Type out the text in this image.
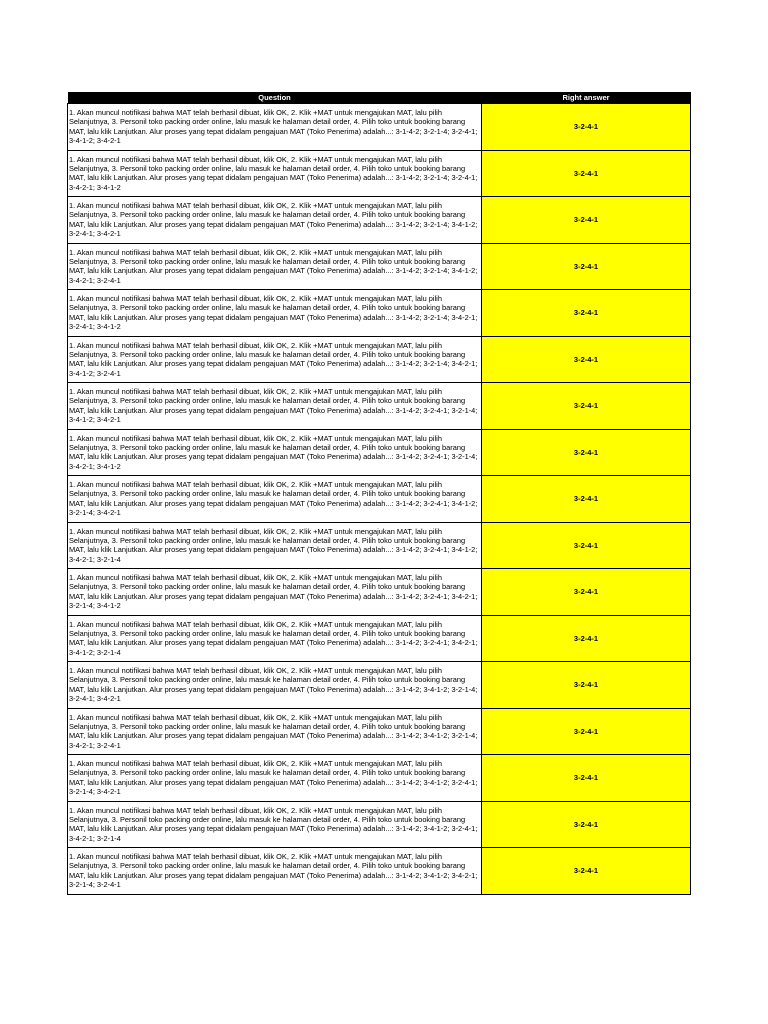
Question	Right answer
1. Akan muncul notifikasi bahwa MAT telah berhasil dibuat, klik OK, 2. Klik +MAT untuk mengajukan MAT, lalu pilih Selanjutnya, 3. Personil toko packing order online, lalu masuk ke halaman detail order, 4. Pilih toko untuk booking barang MAT, lalu klik Lanjutkan. Alur proses yang tepat didalam pengajuan MAT (Toko Penerima) adalah...: 3-1-4-2; 3-2-1-4; 3-2-4-1; 3-4-1-2; 3-4-2-1	3-2-4-1
1. Akan muncul notifikasi bahwa MAT telah berhasil dibuat, klik OK, 2. Klik +MAT untuk mengajukan MAT, lalu pilih Selanjutnya, 3. Personil toko packing order online, lalu masuk ke halaman detail order, 4. Pilih toko untuk booking barang MAT, lalu klik Lanjutkan. Alur proses yang tepat didalam pengajuan MAT (Toko Penerima) adalah...: 3-1-4-2; 3-2-1-4; 3-2-4-1; 3-4-2-1; 3-4-1-2	3-2-4-1
1. Akan muncul notifikasi bahwa MAT telah berhasil dibuat, klik OK, 2. Klik +MAT untuk mengajukan MAT, lalu pilih Selanjutnya, 3. Personil toko packing order online, lalu masuk ke halaman detail order, 4. Pilih toko untuk booking barang MAT, lalu klik Lanjutkan. Alur proses yang tepat didalam pengajuan MAT (Toko Penerima) adalah...: 3-1-4-2; 3-2-1-4; 3-4-1-2; 3-2-4-1; 3-4-2-1	3-2-4-1
1. Akan muncul notifikasi bahwa MAT telah berhasil dibuat, klik OK, 2. Klik +MAT untuk mengajukan MAT, lalu pilih Selanjutnya, 3. Personil toko packing order online, lalu masuk ke halaman detail order, 4. Pilih toko untuk booking barang MAT, lalu klik Lanjutkan. Alur proses yang tepat didalam pengajuan MAT (Toko Penerima) adalah...: 3-1-4-2; 3-2-1-4; 3-4-1-2; 3-4-2-1; 3-2-4-1	3-2-4-1
1. Akan muncul notifikasi bahwa MAT telah berhasil dibuat, klik OK, 2. Klik +MAT untuk mengajukan MAT, lalu pilih Selanjutnya, 3. Personil toko packing order online, lalu masuk ke halaman detail order, 4. Pilih toko untuk booking barang MAT, lalu klik Lanjutkan. Alur proses yang tepat didalam pengajuan MAT (Toko Penerima) adalah...: 3-1-4-2; 3-2-1-4; 3-4-2-1; 3-2-4-1; 3-4-1-2	3-2-4-1
1. Akan muncul notifikasi bahwa MAT telah berhasil dibuat, klik OK, 2. Klik +MAT untuk mengajukan MAT, lalu pilih Selanjutnya, 3. Personil toko packing order online, lalu masuk ke halaman detail order, 4. Pilih toko untuk booking barang MAT, lalu klik Lanjutkan. Alur proses yang tepat didalam pengajuan MAT (Toko Penerima) adalah...: 3-1-4-2; 3-2-1-4; 3-4-2-1; 3-4-1-2; 3-2-4-1	3-2-4-1
1. Akan muncul notifikasi bahwa MAT telah berhasil dibuat, klik OK, 2. Klik +MAT untuk mengajukan MAT, lalu pilih Selanjutnya, 3. Personil toko packing order online, lalu masuk ke halaman detail order, 4. Pilih toko untuk booking barang MAT, lalu klik Lanjutkan. Alur proses yang tepat didalam pengajuan MAT (Toko Penerima) adalah...: 3-1-4-2; 3-2-4-1; 3-2-1-4; 3-4-1-2; 3-4-2-1	3-2-4-1
1. Akan muncul notifikasi bahwa MAT telah berhasil dibuat, klik OK, 2. Klik +MAT untuk mengajukan MAT, lalu pilih Selanjutnya, 3. Personil toko packing order online, lalu masuk ke halaman detail order, 4. Pilih toko untuk booking barang MAT, lalu klik Lanjutkan. Alur proses yang tepat didalam pengajuan MAT (Toko Penerima) adalah...: 3-1-4-2; 3-2-4-1; 3-2-1-4; 3-4-2-1; 3-4-1-2	3-2-4-1
1. Akan muncul notifikasi bahwa MAT telah berhasil dibuat, klik OK, 2. Klik +MAT untuk mengajukan MAT, lalu pilih Selanjutnya, 3. Personil toko packing order online, lalu masuk ke halaman detail order, 4. Pilih toko untuk booking barang MAT, lalu klik Lanjutkan. Alur proses yang tepat didalam pengajuan MAT (Toko Penerima) adalah...: 3-1-4-2; 3-2-4-1; 3-4-1-2; 3-2-1-4; 3-4-2-1	3-2-4-1
1. Akan muncul notifikasi bahwa MAT telah berhasil dibuat, klik OK, 2. Klik +MAT untuk mengajukan MAT, lalu pilih Selanjutnya, 3. Personil toko packing order online, lalu masuk ke halaman detail order, 4. Pilih toko untuk booking barang MAT, lalu klik Lanjutkan. Alur proses yang tepat didalam pengajuan MAT (Toko Penerima) adalah...: 3-1-4-2; 3-2-4-1; 3-4-1-2; 3-4-2-1; 3-2-1-4	3-2-4-1
1. Akan muncul notifikasi bahwa MAT telah berhasil dibuat, klik OK, 2. Klik +MAT untuk mengajukan MAT, lalu pilih Selanjutnya, 3. Personil toko packing order online, lalu masuk ke halaman detail order, 4. Pilih toko untuk booking barang MAT, lalu klik Lanjutkan. Alur proses yang tepat didalam pengajuan MAT (Toko Penerima) adalah...: 3-1-4-2; 3-2-4-1; 3-4-2-1; 3-2-1-4; 3-4-1-2	3-2-4-1
1. Akan muncul notifikasi bahwa MAT telah berhasil dibuat, klik OK, 2. Klik +MAT untuk mengajukan MAT, lalu pilih Selanjutnya, 3. Personil toko packing order online, lalu masuk ke halaman detail order, 4. Pilih toko untuk booking barang MAT, lalu klik Lanjutkan. Alur proses yang tepat didalam pengajuan MAT (Toko Penerima) adalah...: 3-1-4-2; 3-2-4-1; 3-4-2-1; 3-4-1-2; 3-2-1-4	3-2-4-1
1. Akan muncul notifikasi bahwa MAT telah berhasil dibuat, klik OK, 2. Klik +MAT untuk mengajukan MAT, lalu pilih Selanjutnya, 3. Personil toko packing order online, lalu masuk ke halaman detail order, 4. Pilih toko untuk booking barang MAT, lalu klik Lanjutkan. Alur proses yang tepat didalam pengajuan MAT (Toko Penerima) adalah...: 3-1-4-2; 3-4-1-2; 3-2-1-4; 3-2-4-1; 3-4-2-1	3-2-4-1
1. Akan muncul notifikasi bahwa MAT telah berhasil dibuat, klik OK, 2. Klik +MAT untuk mengajukan MAT, lalu pilih Selanjutnya, 3. Personil toko packing order online, lalu masuk ke halaman detail order, 4. Pilih toko untuk booking barang MAT, lalu klik Lanjutkan. Alur proses yang tepat didalam pengajuan MAT (Toko Penerima) adalah...: 3-1-4-2; 3-4-1-2; 3-2-1-4; 3-4-2-1; 3-2-4-1	3-2-4-1
1. Akan muncul notifikasi bahwa MAT telah berhasil dibuat, klik OK, 2. Klik +MAT untuk mengajukan MAT, lalu pilih Selanjutnya, 3. Personil toko packing order online, lalu masuk ke halaman detail order, 4. Pilih toko untuk booking barang MAT, lalu klik Lanjutkan. Alur proses yang tepat didalam pengajuan MAT (Toko Penerima) adalah...: 3-1-4-2; 3-4-1-2; 3-2-4-1; 3-2-1-4; 3-4-2-1	3-2-4-1
1. Akan muncul notifikasi bahwa MAT telah berhasil dibuat, klik OK, 2. Klik +MAT untuk mengajukan MAT, lalu pilih Selanjutnya, 3. Personil toko packing order online, lalu masuk ke halaman detail order, 4. Pilih toko untuk booking barang MAT, lalu klik Lanjutkan. Alur proses yang tepat didalam pengajuan MAT (Toko Penerima) adalah...: 3-1-4-2; 3-4-1-2; 3-2-4-1; 3-4-2-1; 3-2-1-4	3-2-4-1
1. Akan muncul notifikasi bahwa MAT telah berhasil dibuat, klik OK, 2. Klik +MAT untuk mengajukan MAT, lalu pilih Selanjutnya, 3. Personil toko packing order online, lalu masuk ke halaman detail order, 4. Pilih toko untuk booking barang MAT, lalu klik Lanjutkan. Alur proses yang tepat didalam pengajuan MAT (Toko Penerima) adalah...: 3-1-4-2; 3-4-1-2; 3-4-2-1; 3-2-1-4; 3-2-4-1	3-2-4-1
